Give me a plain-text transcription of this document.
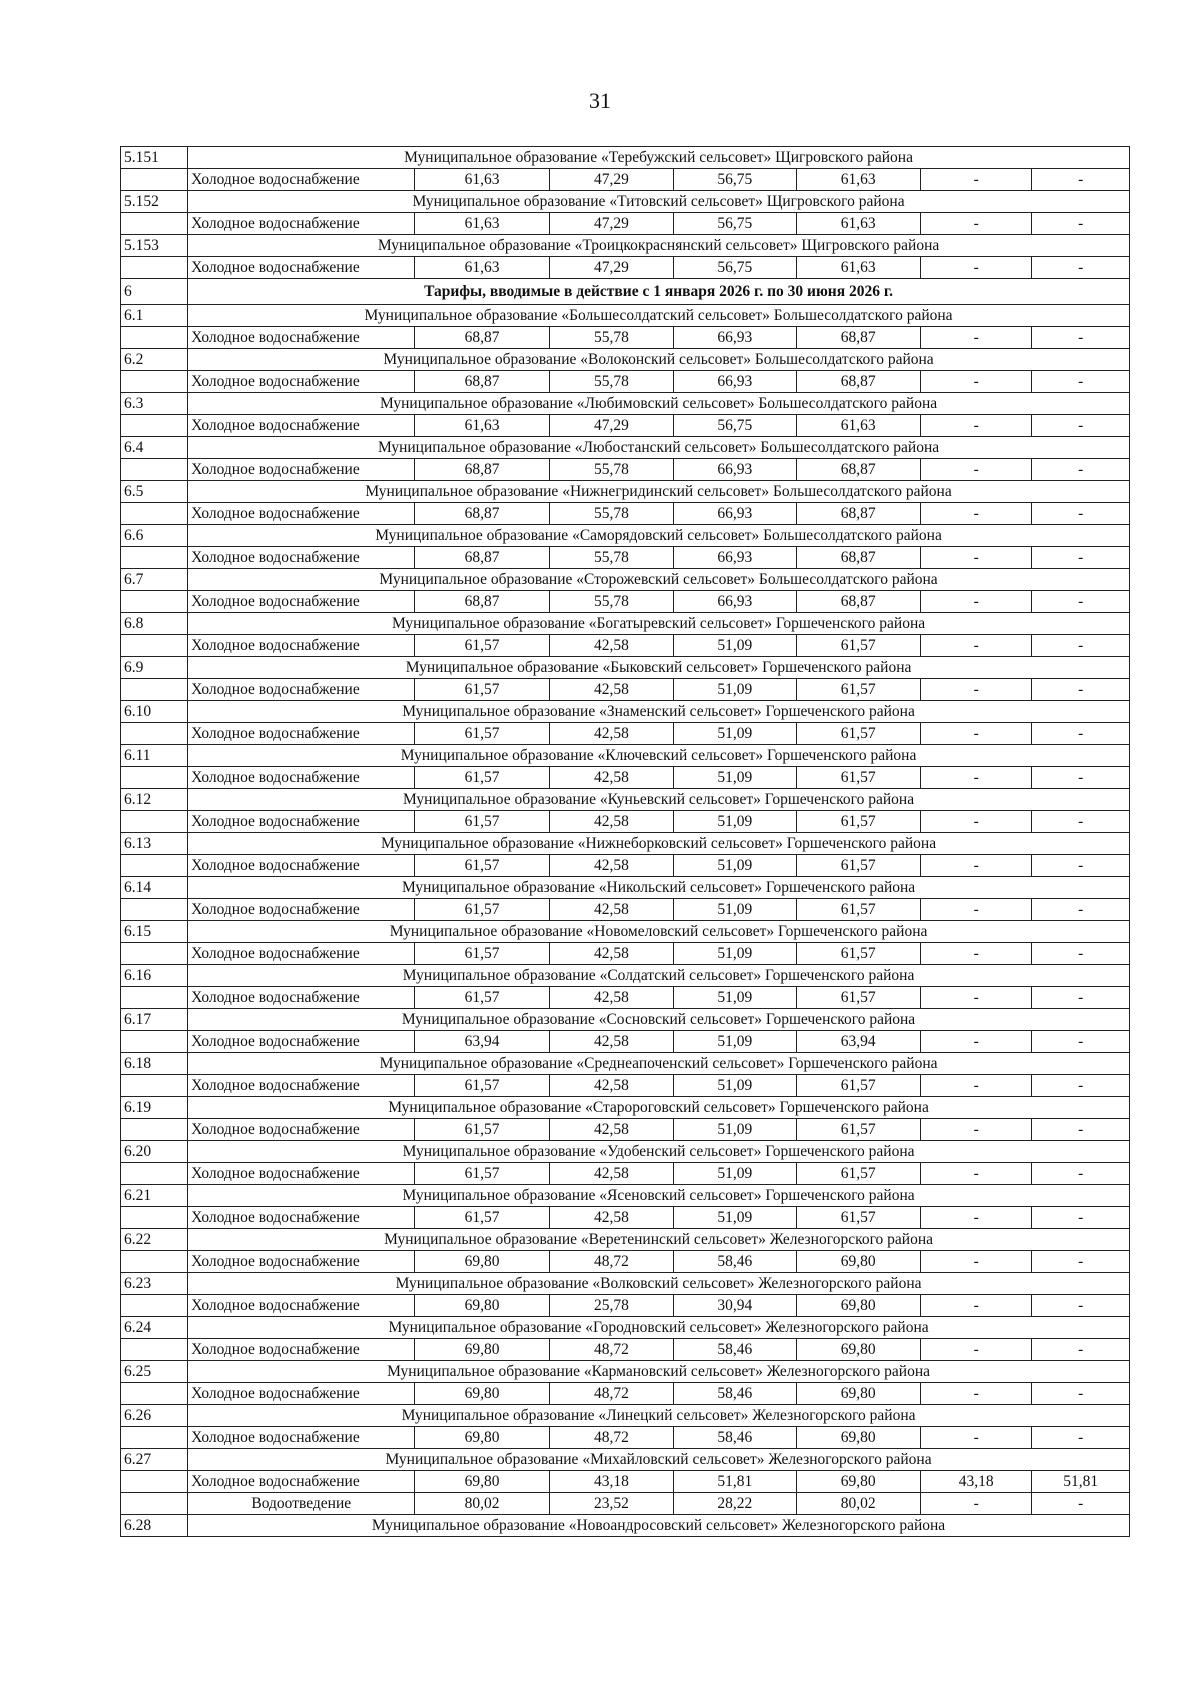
31
5.151	Муниципальное образование «Теребужский сельсовет» Щигровского района						
	Холодное водоснабжение	61,63	47,29	56,75	61,63	-	-
5.152	Муниципальное образование «Титовский сельсовет» Щигровского района						
	Холодное водоснабжение	61,63	47,29	56,75	61,63	-	-
5.153	Муниципальное образование «Троицкокраснянский сельсовет» Щигровского района						
	Холодное водоснабжение	61,63	47,29	56,75	61,63	-	-
6	Тарифы, вводимые в действие с 1 января 2026 г. по 30 июня 2026 г.						
6.1	Муниципальное образование «Большесолдатский сельсовет» Большесолдатского района						
	Холодное водоснабжение	68,87	55,78	66,93	68,87	-	-
6.2	Муниципальное образование «Волоконский сельсовет» Большесолдатского района						
	Холодное водоснабжение	68,87	55,78	66,93	68,87	-	-
6.3	Муниципальное образование «Любимовский сельсовет» Большесолдатского района						
	Холодное водоснабжение	61,63	47,29	56,75	61,63	-	-
6.4	Муниципальное образование «Любостанский сельсовет» Большесолдатского района						
	Холодное водоснабжение	68,87	55,78	66,93	68,87	-	-
6.5	Муниципальное образование «Нижнегридинский сельсовет» Большесолдатского района						
	Холодное водоснабжение	68,87	55,78	66,93	68,87	-	-
6.6	Муниципальное образование «Саморядовский сельсовет» Большесолдатского района						
	Холодное водоснабжение	68,87	55,78	66,93	68,87	-	-
6.7	Муниципальное образование «Сторожевский сельсовет» Большесолдатского района						
	Холодное водоснабжение	68,87	55,78	66,93	68,87	-	-
6.8	Муниципальное образование «Богатыревский сельсовет» Горшеченского района						
	Холодное водоснабжение	61,57	42,58	51,09	61,57	-	-
6.9	Муниципальное образование «Быковский сельсовет» Горшеченского района						
	Холодное водоснабжение	61,57	42,58	51,09	61,57	-	-
6.10	Муниципальное образование «Знаменский сельсовет» Горшеченского района						
	Холодное водоснабжение	61,57	42,58	51,09	61,57	-	-
6.11	Муниципальное образование «Ключевский сельсовет» Горшеченского района						
	Холодное водоснабжение	61,57	42,58	51,09	61,57	-	-
6.12	Муниципальное образование «Куньевский сельсовет» Горшеченского района						
	Холодное водоснабжение	61,57	42,58	51,09	61,57	-	-
6.13	Муниципальное образование «Нижнеборковский сельсовет» Горшеченского района						
	Холодное водоснабжение	61,57	42,58	51,09	61,57	-	-
6.14	Муниципальное образование «Никольский сельсовет» Горшеченского района						
	Холодное водоснабжение	61,57	42,58	51,09	61,57	-	-
6.15	Муниципальное образование «Новомеловский сельсовет» Горшеченского района						
	Холодное водоснабжение	61,57	42,58	51,09	61,57	-	-
6.16	Муниципальное образование «Солдатский сельсовет» Горшеченского района						
	Холодное водоснабжение	61,57	42,58	51,09	61,57	-	-
6.17	Муниципальное образование «Сосновский сельсовет» Горшеченского района						
	Холодное водоснабжение	63,94	42,58	51,09	63,94	-	-
6.18	Муниципальное образование «Среднеапоченский сельсовет» Горшеченского района						
	Холодное водоснабжение	61,57	42,58	51,09	61,57	-	-
6.19	Муниципальное образование «Старороговский сельсовет» Горшеченского района						
	Холодное водоснабжение	61,57	42,58	51,09	61,57	-	-
6.20	Муниципальное образование «Удобенский сельсовет» Горшеченского района						
	Холодное водоснабжение	61,57	42,58	51,09	61,57	-	-
6.21	Муниципальное образование «Ясеновский сельсовет» Горшеченского района						
	Холодное водоснабжение	61,57	42,58	51,09	61,57	-	-
6.22	Муниципальное образование «Веретенинский сельсовет» Железногорского района						
	Холодное водоснабжение	69,80	48,72	58,46	69,80	-	-
6.23	Муниципальное образование «Волковский сельсовет» Железногорского района						
	Холодное водоснабжение	69,80	25,78	30,94	69,80	-	-
6.24	Муниципальное образование «Городновский сельсовет» Железногорского района						
	Холодное водоснабжение	69,80	48,72	58,46	69,80	-	-
6.25	Муниципальное образование «Кармановский сельсовет» Железногорского района						
	Холодное водоснабжение	69,80	48,72	58,46	69,80	-	-
6.26	Муниципальное образование «Линецкий сельсовет» Железногорского района						
	Холодное водоснабжение	69,80	48,72	58,46	69,80	-	-
6.27	Муниципальное образование «Михайловский сельсовет» Железногорского района						
	Холодное водоснабжение	69,80	43,18	51,81	69,80	43,18	51,81
	Водоотведение	80,02	23,52	28,22	80,02	-	-
6.28	Муниципальное образование «Новоандросовский сельсовет» Железногорского района						
